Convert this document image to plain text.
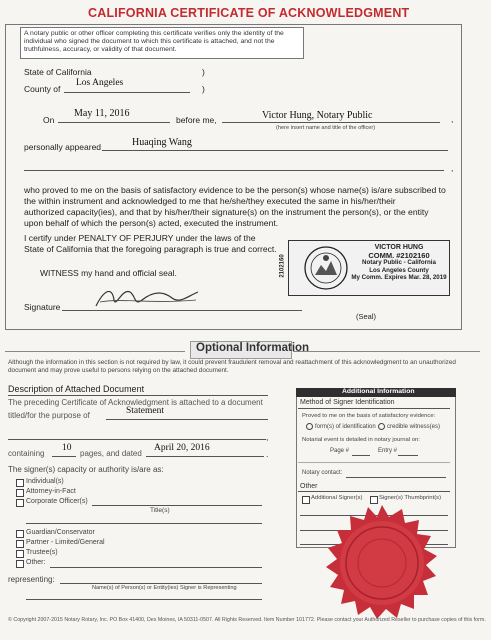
CALIFORNIA CERTIFICATE OF ACKNOWLEDGMENT
A notary public or other officer completing this certificate verifies only the identity of the individual who signed the document to which this certificate is attached, and not the truthfulness, accuracy, or validity of that document.
State of California	)
County of
Los Angeles
)
On
May 11, 2016
before me,	Victor Hung, Notary Public	,
(here insert name and title of the officer)
personally appeared	Huaqing Wang
,
who proved to me on the basis of satisfactory evidence to be the person(s) whose name(s) is/are subscribed to
the within instrument and acknowledged to me that he/she/they executed the same in his/her/their
authorized capacity(ies), and that by his/her/their signature(s) on the instrument the person(s), or the entity
upon behalf of which the person(s) acted, executed the instrument.
I certify under PENALTY OF PERJURY under the laws of the
State of California that the foregoing paragraph is true and correct.
WITNESS my hand and official seal.
Signature
(Seal)
2102160
VICTOR HUNG
COMM. #2102160
Notary Public - California
Los Angeles County
My Comm. Expires Mar. 28, 2019
Optional Information
Although the information in this section is not required by law, it could prevent fraudulent removal and reattachment of this acknowledgment to an unauthorized document and may prove useful to persons relying on the attached document.
Description of Attached Document
The preceding Certificate of Acknowledgment is attached to a document
titled/for the purpose of	Statement
,
containing
10
pages, and dated
April 20, 2016
.
The signer(s) capacity or authority is/are as:
Individual(s)
Attorney-in-Fact
Corporate Officer(s)
Title(s)
Guardian/Conservator
Partner - Limited/General
Trustee(s)
Other:
representing:
Name(s) of Person(s) or Entity(ies) Signer is Representing
Additional Information
Method of Signer Identification
Proved to me on the basis of satisfactory evidence:
form(s) of identification	credible witness(es)
Notarial event is detailed in notary journal on:
Page #	Entry #
Notary contact:
Other
Additional Signer(s)	Signer(s) Thumbprint(s)
© Copyright 2007-2015 Notary Rotary, Inc. PO Box 41400, Des Moines, IA 50311-0507. All Rights Reserved. Item Number 101772. Please contact your Authorized Reseller to purchase copies of this form.
